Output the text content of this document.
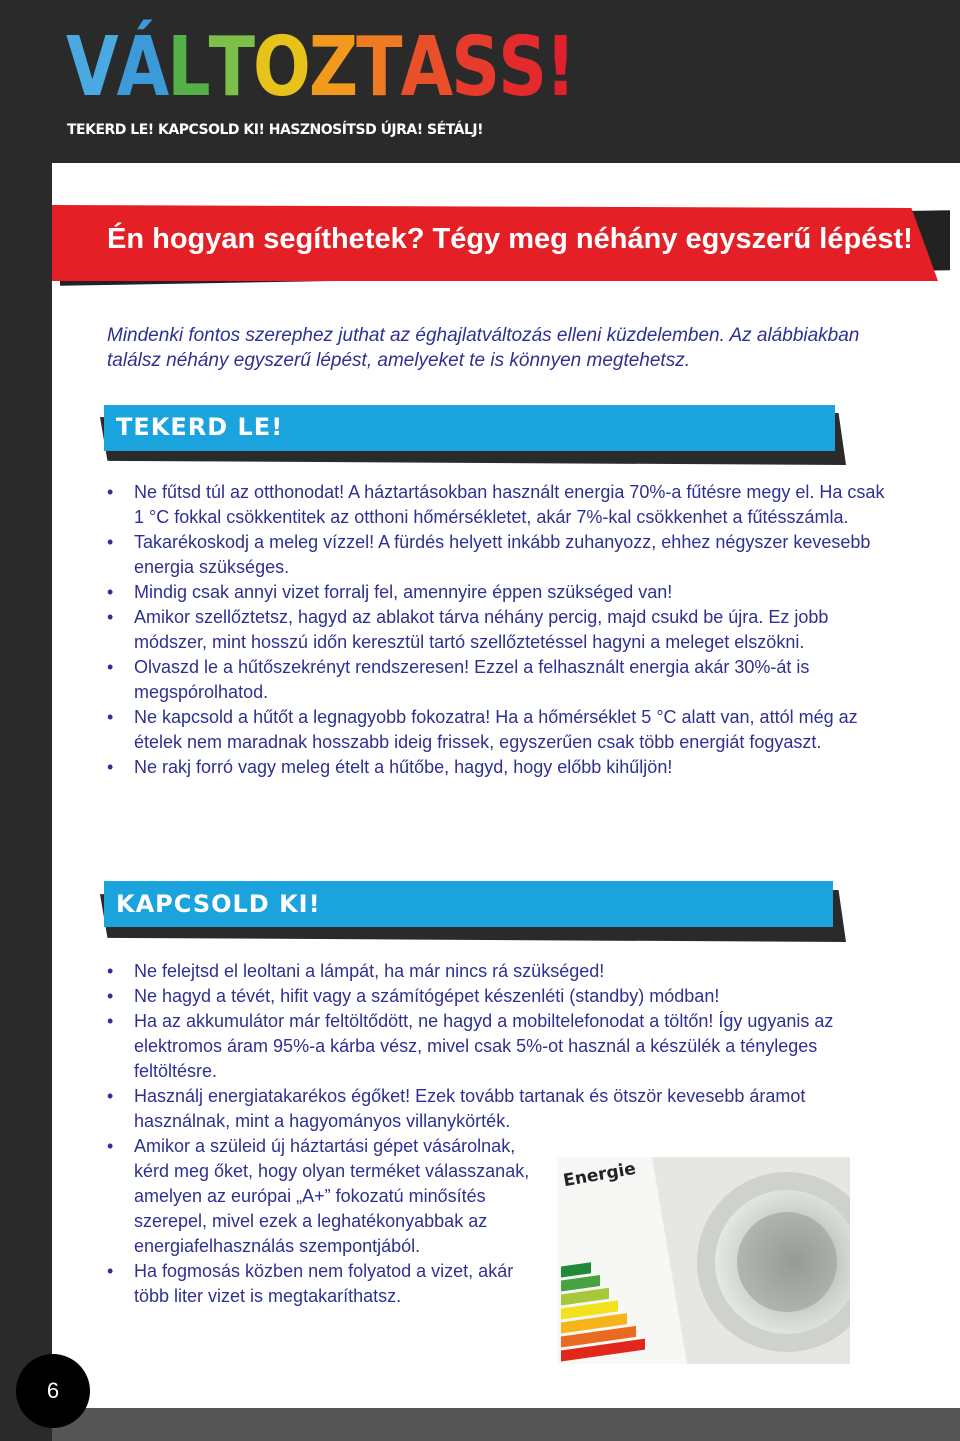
VÁLTOZTASS!
TEKERD LE! KAPCSOLD KI! HASZNOSÍTSD ÚJRA! SÉTÁLJ!
Én hogyan segíthetek? Tégy meg néhány egyszerű lépést!
Mindenki fontos szerephez juthat az éghajlatváltozás elleni küzdelemben. Az alábbiakban találsz néhány egyszerű lépést, amelyeket te is könnyen megtehetsz.
TEKERD LE!
• Ne fűtsd túl az otthonodat! A háztartásokban használt energia 70%-a fűtésre megy el. Ha csak 1 °C fokkal csökkentitek az otthoni hőmérsékletet, akár 7%-kal csökkenhet a fűtésszámla.
• Takarékoskodj a meleg vízzel! A fürdés helyett inkább zuhanyozz, ehhez négyszer kevesebb energia szükséges.
• Mindig csak annyi vizet forralj fel, amennyire éppen szükséged van!
• Amikor szellőztetsz, hagyd az ablakot tárva néhány percig, majd csukd be újra. Ez jobb módszer, mint hosszú időn keresztül tartó szellőztetéssel hagyni a meleget elszökni.
• Olvaszd le a hűtőszekrényt rendszeresen! Ezzel a felhasznált energia akár 30%-át is megspórolhatod.
• Ne kapcsold a hűtőt a legnagyobb fokozatra! Ha a hőmérséklet 5 °C alatt van, attól még az ételek nem maradnak hosszabb ideig frissek, egyszerűen csak több energiát fogyaszt.
• Ne rakj forró vagy meleg ételt a hűtőbe, hagyd, hogy előbb kihűljön!
KAPCSOLD KI!
• Ne felejtsd el leoltani a lámpát, ha már nincs rá szükséged!
• Ne hagyd a tévét, hifit vagy a számítógépet készenléti (standby) módban!
• Ha az akkumulátor már feltöltődött, ne hagyd a mobiltelefonodat a töltőn! Így ugyanis az elektromos áram 95%-a kárba vész, mivel csak 5%-ot használ a készülék a tényleges feltöltésre.
• Használj energiatakarékos égőket! Ezek tovább tartanak és ötször kevesebb áramot használnak, mint a hagyományos villanykörték.
• Amikor a szüleid új háztartási gépet vásárolnak, kérd meg őket, hogy olyan terméket válasszanak, amelyen az európai „A+” fokozatú minősítés szerepel, mivel ezek a leghatékonyabbak az energiafelhasználás szempontjából.
• Ha fogmosás közben nem folyatod a vizet, akár több liter vizet is megtakaríthatsz.
Energie
6
